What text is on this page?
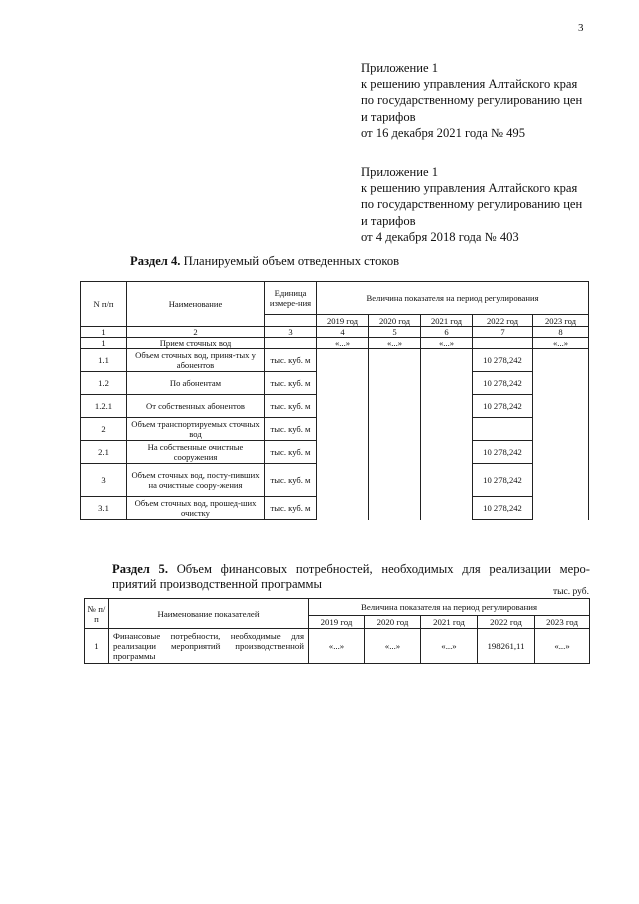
3
Приложение 1
к решению управления Алтайского края
по государственному регулированию цен
и тарифов
от 16 декабря 2021 года № 495
Приложение 1
к решению управления Алтайского края
по государственному регулированию цен
и тарифов
от 4 декабря 2018 года № 403
Раздел 4. Планируемый объем отведенных стоков
N п/п	Наименование	Единица измере-ния	Величина показателя на период регулирования				
			2019 год	2020 год	2021 год	2022 год	2023 год
1	2	3	4	5	6	7	8
1	Прием сточных вод		«...»	«...»	«...»		«...»
1.1	Объем сточных вод, приня-тых у абонентов	тыс. куб. м				10 278,242	
1.2	По абонентам	тыс. куб. м				10 278,242	
1.2.1	От собственных абонентов	тыс. куб. м				10 278,242	
2	Объем транспортируемых сточных вод	тыс. куб. м					
2.1	На собственные очистные сооружения	тыс. куб. м				10 278,242	
3	Объем сточных вод, посту-пивших на очистные соору-жения	тыс. куб. м				10 278,242	
3.1	Объем сточных вод, прошед-ших очистку	тыс. куб. м				10 278,242	
Раздел 5. Объем финансовых потребностей, необходимых для реализации меро-
приятий производственной программы
тыс. руб.
№ п/п	Наименование показателей	Величина показателя на период регулирования				
		2019 год	2020 год	2021 год	2022 год	2023 год
1	Финансовые потребности, необходимые для реализации мероприятий производственной программы	«...»	«...»	«...»	198261,11	«...»
